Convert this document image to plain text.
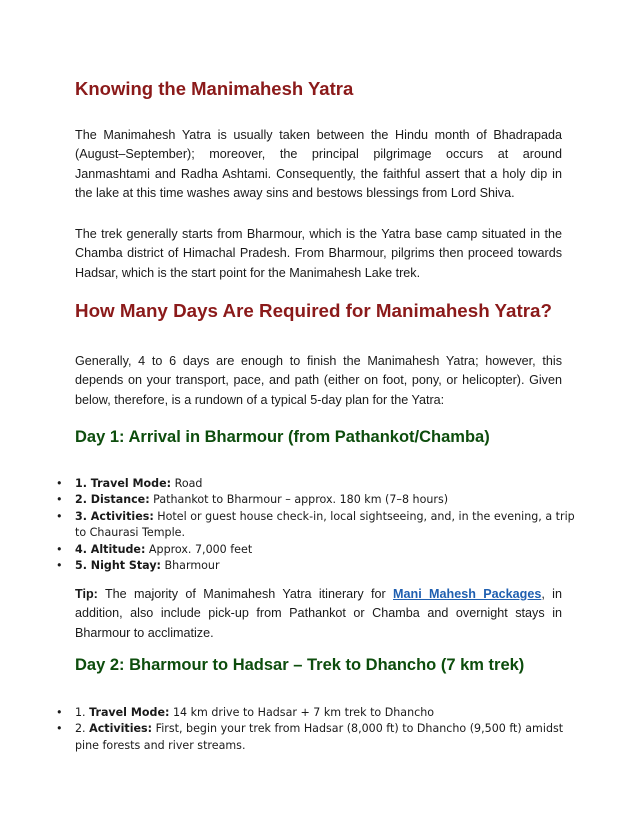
Knowing the Manimahesh Yatra

The Manimahesh Yatra is usually taken between the Hindu month of Bhadrapada (August–September); moreover, the principal pilgrimage occurs at around Janmashtami and Radha Ashtami. Consequently, the faithful assert that a holy dip in the lake at this time washes away sins and bestows blessings from Lord Shiva.

The trek generally starts from Bharmour, which is the Yatra base camp situated in the Chamba district of Himachal Pradesh. From Bharmour, pilgrims then proceed towards Hadsar, which is the start point for the Manimahesh Lake trek.

How Many Days Are Required for Manimahesh Yatra?

Generally, 4 to 6 days are enough to finish the Manimahesh Yatra; however, this depends on your transport, pace, and path (either on foot, pony, or helicopter). Given below, therefore, is a rundown of a typical 5-day plan for the Yatra:

Day 1: Arrival in Bharmour (from Pathankot/Chamba)
• 1. Travel Mode: Road
• 2. Distance: Pathankot to Bharmour – approx. 180 km (7–8 hours)
• 3. Activities: Hotel or guest house check-in, local sightseeing, and, in the evening, a trip to Chaurasi Temple.
• 4. Altitude: Approx. 7,000 feet
• 5. Night Stay: Bharmour

Tip: The majority of Manimahesh Yatra itinerary for Mani Mahesh Packages, in addition, also include pick-up from Pathankot or Chamba and overnight stays in Bharmour to acclimatize.

Day 2: Bharmour to Hadsar – Trek to Dhancho (7 km trek)
• 1. Travel Mode: 14 km drive to Hadsar + 7 km trek to Dhancho
• 2. Activities: First, begin your trek from Hadsar (8,000 ft) to Dhancho (9,500 ft) amidst pine forests and river streams.
